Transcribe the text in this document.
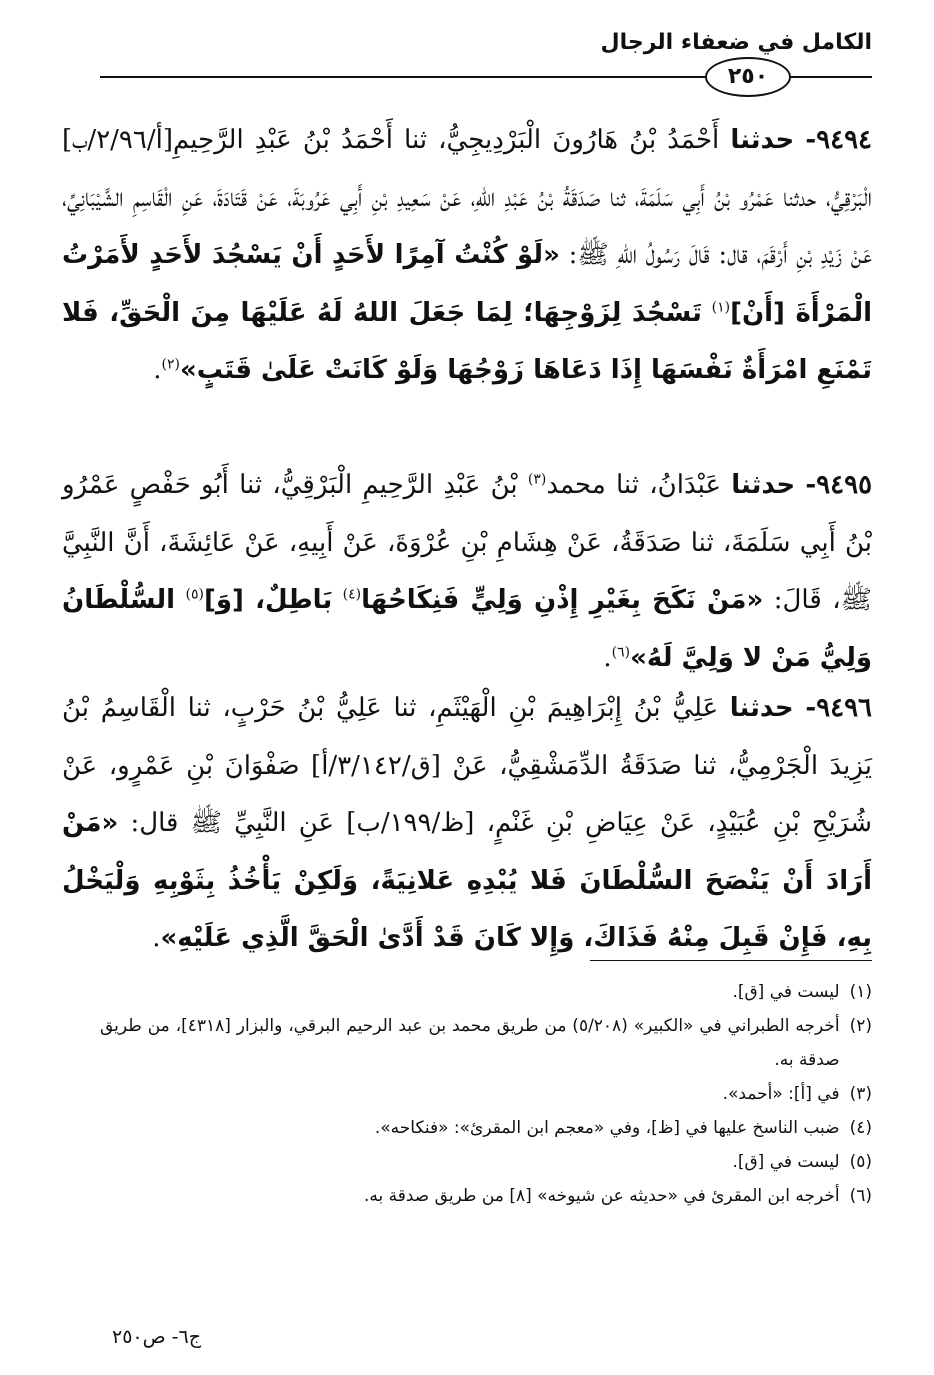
الكامل في ضعفاء الرجال
٢٥٠

٩٤٩٤- حدثنا أَحْمَدُ بْنُ هَارُونَ الْبَرْدِيجِيُّ، ثنا أَحْمَدُ بْنُ عَبْدِ الرَّحِيمِ[أ/٢/٩٦/ب] الْبَرْقِيُّ، حدثنا عَمْرُو بْنُ أَبِي سَلَمَةَ، ثنا صَدَقَةُ بْنُ عَبْدِ اللهِ، عَنْ سَعِيدِ بْنِ أَبِي عَرُوبَةَ، عَنْ قَتَادَةَ، عَنِ الْقَاسِمِ الشَّيْبَانِيِّ، عَنْ زَيْدِ بْنِ أَرْقَمَ، قال: قَالَ رَسُولُ اللهِ ﷺ: «لَوْ كُنْتُ آمِرًا لأَحَدٍ أَنْ يَسْجُدَ لأَحَدٍ لأَمَرْتُ الْمَرْأَةَ [أَنْ]$^{(١)}$ تَسْجُدَ لِزَوْجِهَا؛ لِمَا جَعَلَ اللهُ لَهُ عَلَيْهَا مِنَ الْحَقِّ، فَلا تَمْنَعِ امْرَأَةٌ نَفْسَهَا إِذَا دَعَاهَا زَوْجُهَا وَلَوْ كَانَتْ عَلَىٰ قَتَبٍ»$^{(٢)}$.

٩٤٩٥- حدثنا عَبْدَانُ، ثنا محمد$^{(٣)}$ بْنُ عَبْدِ الرَّحِيمِ الْبَرْقِيُّ، ثنا أَبُو حَفْصٍ عَمْرُو بْنُ أَبِي سَلَمَةَ، ثنا صَدَقَةُ، عَنْ هِشَامِ بْنِ عُرْوَةَ، عَنْ أَبِيهِ، عَنْ عَائِشَةَ، أَنَّ النَّبِيَّ ﷺ، قَالَ: «مَنْ نَكَحَ بِغَيْرِ إِذْنِ وَلِيٍّ فَنِكَاحُهَا$^{(٤)}$ بَاطِلٌ، [وَ]$^{(٥)}$ السُّلْطَانُ وَلِيُّ مَنْ لا وَلِيَّ لَهُ»$^{(٦)}$.

٩٤٩٦- حدثنا عَلِيُّ بْنُ إِبْرَاهِيمَ بْنِ الْهَيْثَمِ، ثنا عَلِيُّ بْنُ حَرْبٍ، ثنا الْقَاسِمُ بْنُ يَزِيدَ الْجَرْمِيُّ، ثنا صَدَقَةُ الدِّمَشْقِيُّ، عَنْ [ق/٣/١٤٢/أ] صَفْوَانَ بْنِ عَمْرٍو، عَنْ شُرَيْحِ بْنِ عُبَيْدٍ، عَنْ عِيَاضِ بْنِ غَنْمٍ، [ظ/١٩٩/ب] عَنِ النَّبِيِّ ﷺ قال: «مَنْ أَرَادَ أَنْ يَنْصَحَ السُّلْطَانَ فَلا يُبْدِهِ عَلانِيَةً، وَلَكِنْ يَأْخُذُ بِثَوْبِهِ وَلْيَخْلُ بِهِ، فَإِنْ قَبِلَ مِنْهُ فَذَاكَ، وَإِلا كَانَ قَدْ أَدَّىٰ الْحَقَّ الَّذِي عَلَيْهِ».

(١)
ليست في [ق].
(٢)
أخرجه الطبراني في «الكبير» (٥/٢٠٨) من طريق محمد بن عبد الرحيم البرقي، والبزار [٤٣١٨]، من طريق صدقة به.
(٣)
في [أ]: «أحمد».
(٤)
ضبب الناسخ عليها في [ظ]، وفي «معجم ابن المقرئ»: «فنكاحه».
(٥)
ليست في [ق].
(٦)
أخرجه ابن المقرئ في «حديثه عن شيوخه» [٨] من طريق صدقة به.
ج٦- ص٢٥٠
